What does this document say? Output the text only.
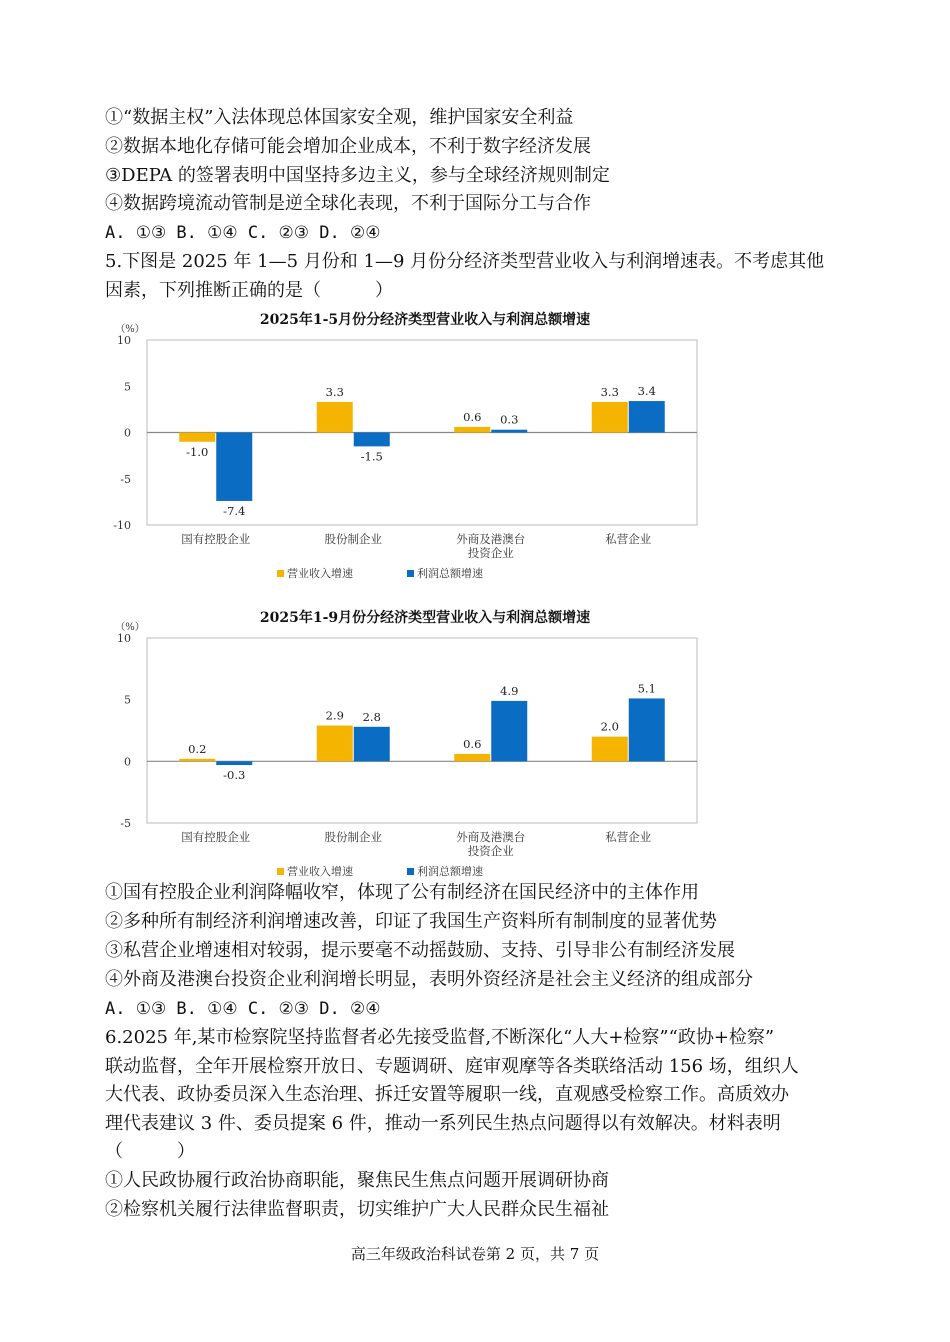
①“数据主权”入法体现总体国家安全观，维护国家安全利益
②数据本地化存储可能会增加企业成本，不利于数字经济发展
③DEPA 的签署表明中国坚持多边主义，参与全球经济规则制定
④数据跨境流动管制是逆全球化表现，不利于国际分工与合作
A. ①③ B. ①④ C. ②③ D. ②④
5.下图是 2025 年 1—5 月份和 1—9 月份分经济类型营业收入与利润增速表。不考虑其他
因素，下列推断正确的是（　　　）
2025年1-5月份分经济类型营业收入与利润总额增速
（%）
10
5
0
-5
-10
国有控股企业
-1.0
-7.4
股份制企业
3.3
-1.5
外商及港澳台
投资企业
0.6 0.3
私营企业
3.3 3.4
营业收入增速	利润总额增速
2025年1-9月份分经济类型营业收入与利润总额增速
（%）
10
5
0
-5
国有控股企业
0.2
-0.3
股份制企业
2.9 2.8
外商及港澳台
投资企业
0.6
4.9
私营企业
2.0
5.1
营业收入增速	利润总额增速
①国有控股企业利润降幅收窄，体现了公有制经济在国民经济中的主体作用
②多种所有制经济利润增速改善，印证了我国生产资料所有制制度的显著优势
③私营企业增速相对较弱，提示要毫不动摇鼓励、支持、引导非公有制经济发展
④外商及港澳台投资企业利润增长明显，表明外资经济是社会主义经济的组成部分
A. ①③ B. ①④ C. ②③ D. ②④
6.2025 年,某市检察院坚持监督者必先接受监督,不断深化“人大+检察”“政协+检察”
联动监督，全年开展检察开放日、专题调研、庭审观摩等各类联络活动 156 场，组织人
大代表、政协委员深入生态治理、拆迁安置等履职一线，直观感受检察工作。高质效办
理代表建议 3 件、委员提案 6 件，推动一系列民生热点问题得以有效解决。材料表明
（　　　）
①人民政协履行政治协商职能，聚焦民生焦点问题开展调研协商
②检察机关履行法律监督职责，切实维护广大人民群众民生福祉
高三年级政治科试卷第 2 页，共 7 页
